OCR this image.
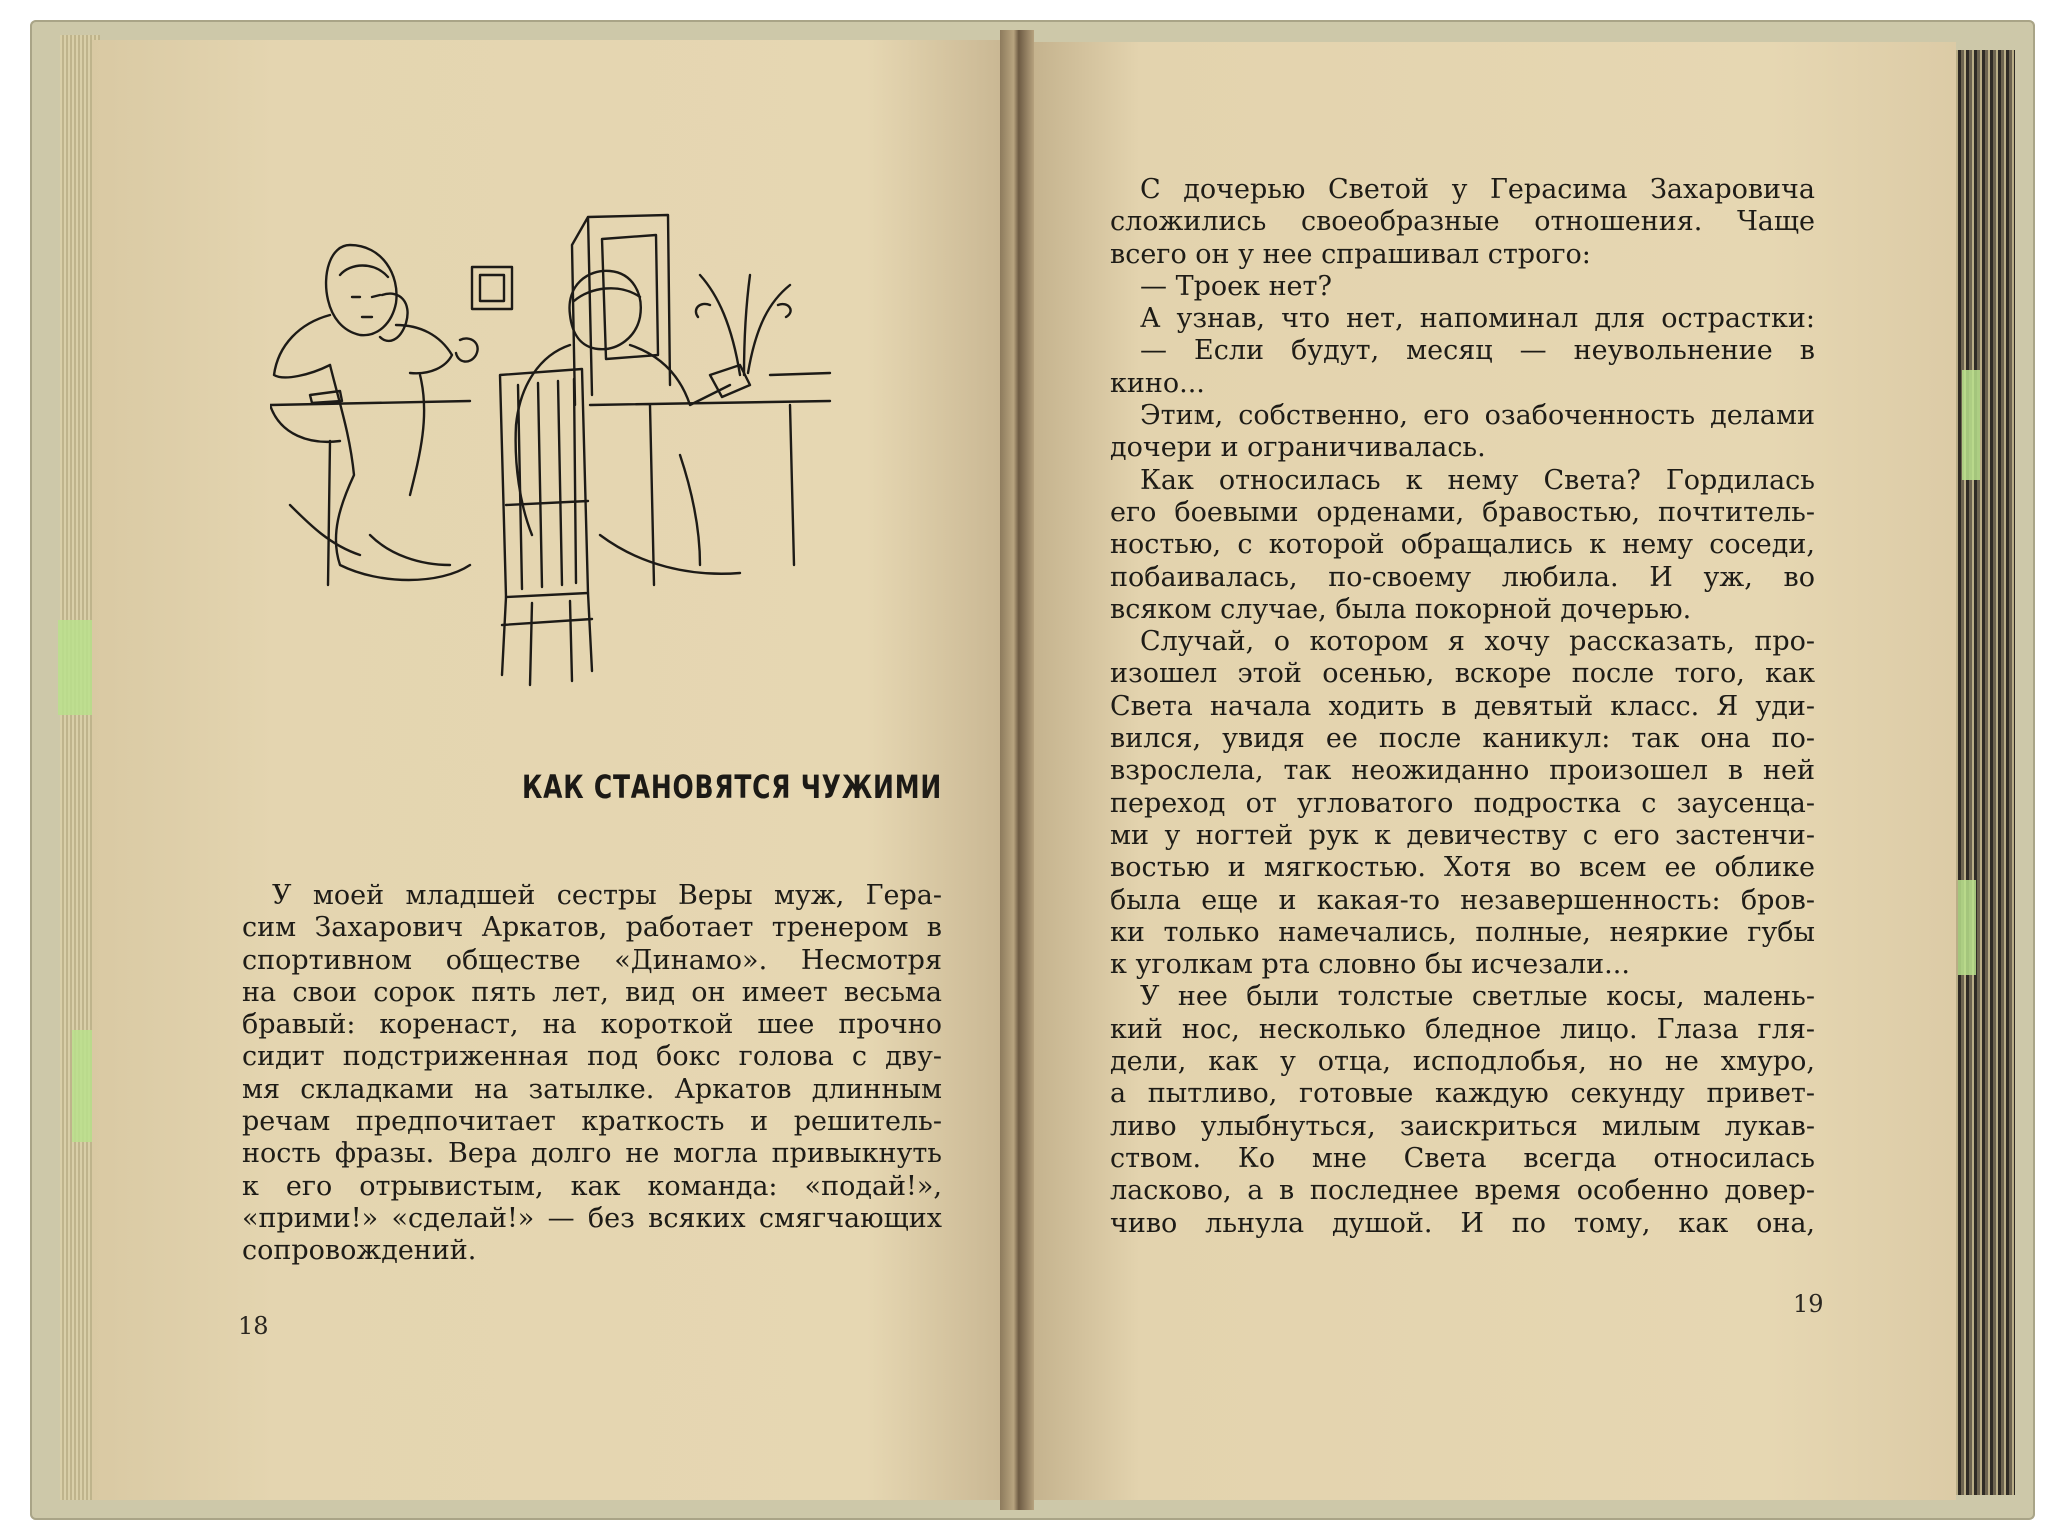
КАК СТАНОВЯТСЯ ЧУЖИМИ
У моей младшей сестры Веры муж, Гера-
сим Захарович Аркатов, работает тренером в
спортивном обществе «Динамо». Несмотря
на свои сорок пять лет, вид он имеет весьма
бравый: коренаст, на короткой шее прочно
сидит подстриженная под бокс голова с дву-
мя складками на затылке. Аркатов длинным
речам предпочитает краткость и решитель-
ность фразы. Вера долго не могла привыкнуть
к его отрывистым, как команда: «подай!»,
«прими!» «сделай!» — без всяких смягчающих
сопровождений.
18
С дочерью Светой у Герасима Захаровича
сложились своеобразные отношения. Чаще
всего он у нее спрашивал строго:
— Троек нет?
А узнав, что нет, напоминал для острастки:
— Если будут, месяц — неувольнение в
кино...
Этим, собственно, его озабоченность делами
дочери и ограничивалась.
Как относилась к нему Света? Гордилась
его боевыми орденами, бравостью, почтитель-
ностью, с которой обращались к нему соседи,
побаивалась, по-своему любила. И уж, во
всяком случае, была покорной дочерью.
Случай, о котором я хочу рассказать, про-
изошел этой осенью, вскоре после того, как
Света начала ходить в девятый класс. Я уди-
вился, увидя ее после каникул: так она по-
взрослела, так неожиданно произошел в ней
переход от угловатого подростка с заусенца-
ми у ногтей рук к девичеству с его застенчи-
востью и мягкостью. Хотя во всем ее облике
была еще и какая-то незавершенность: бров-
ки только намечались, полные, неяркие губы
к уголкам рта словно бы исчезали...
У нее были толстые светлые косы, малень-
кий нос, несколько бледное лицо. Глаза гля-
дели, как у отца, исподлобья, но не хмуро,
а пытливо, готовые каждую секунду привет-
ливо улыбнуться, заискриться милым лукав-
ством. Ко мне Света всегда относилась
ласково, а в последнее время особенно довер-
чиво льнула душой. И по тому, как она,
19
